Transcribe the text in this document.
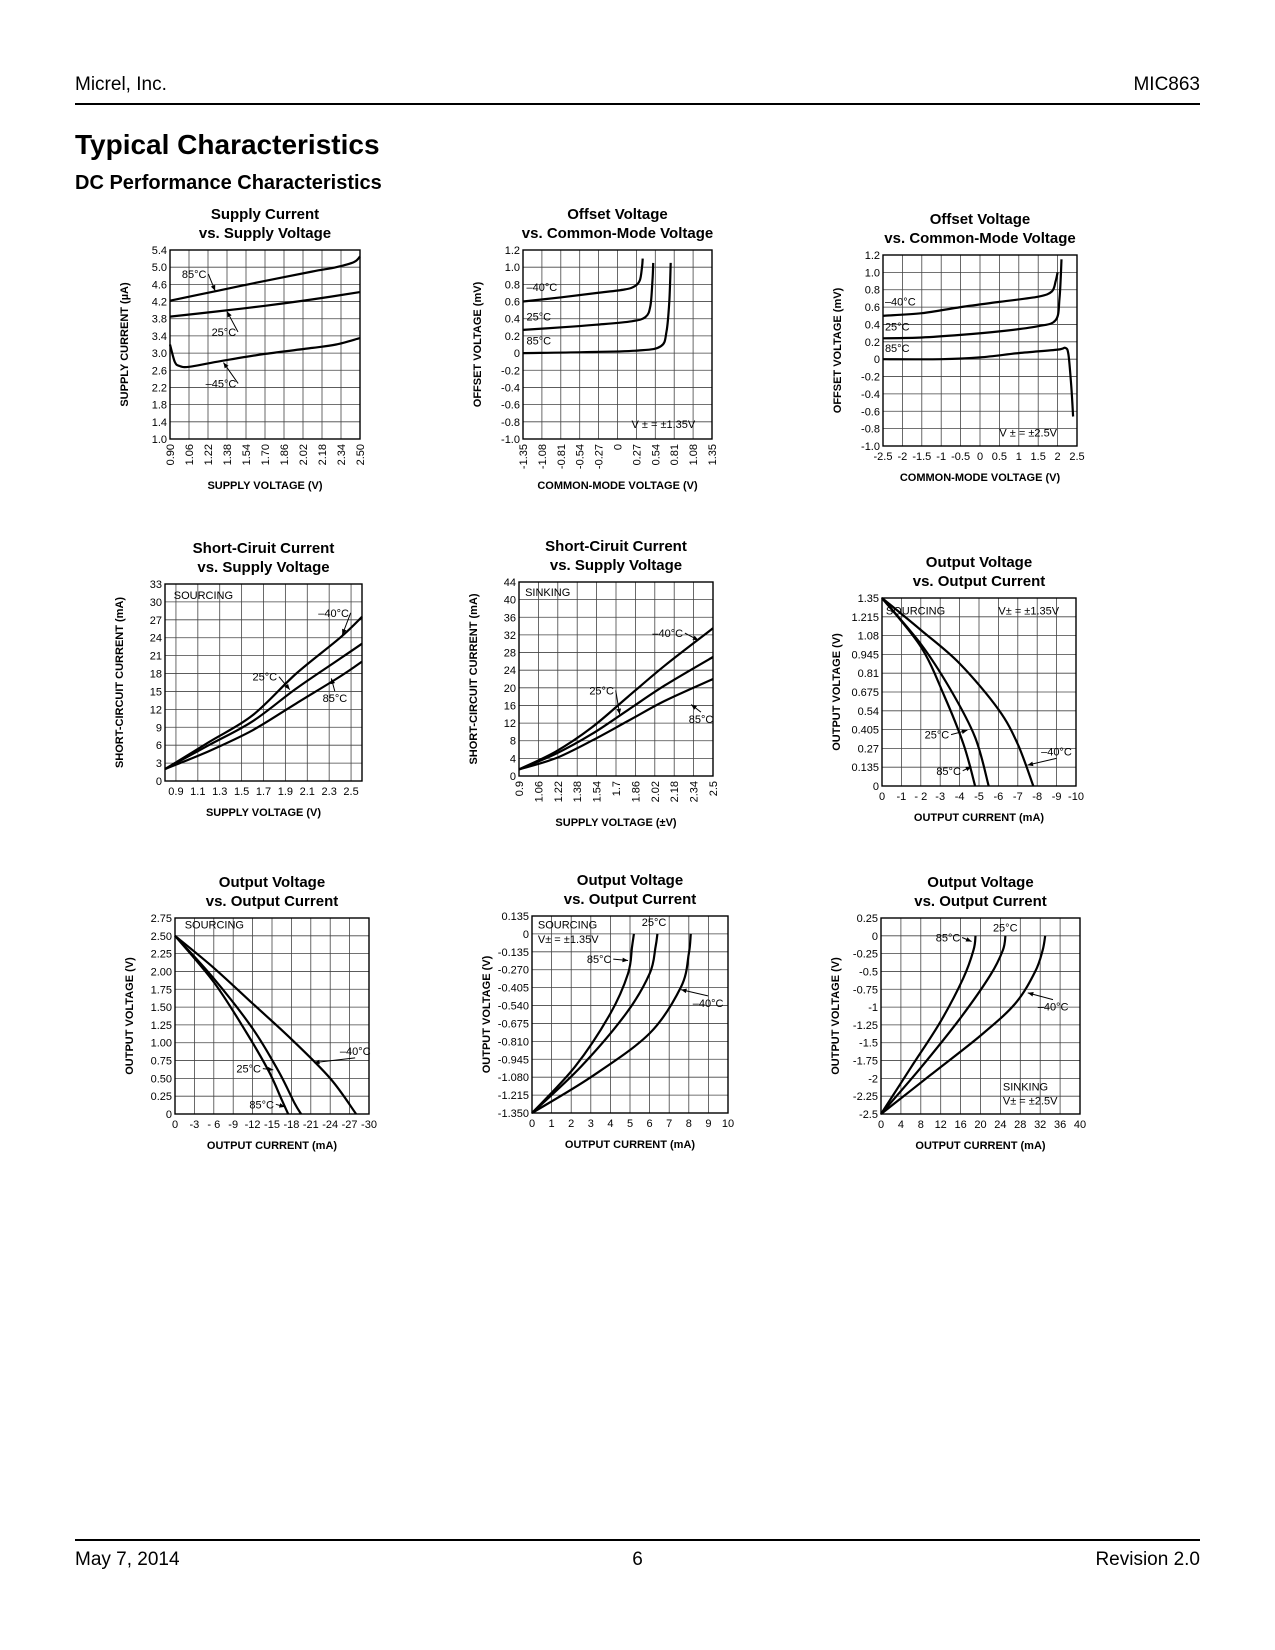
Micrel, Inc.	MIC863
Typical Characteristics
DC Performance Characteristics
Supply Current
vs. Supply Voltage
1.0
1.4
1.8
2.2
2.6
3.0
3.4
3.8
4.2
4.6
5.0
5.4
0.90 1.06 1.22 1.38 1.54 1.70 1.86 2.02 2.18 2.34 2.50
SUPPLY VOLTAGE (V)
SUPPLY CURRENT (µA)
85°C
25°C
–45°C
Offset Voltage
vs. Common-Mode Voltage
-1.0
-0.8
-0.6
-0.4
-0.2
0
0.2
0.4
0.6
0.8
1.0
1.2
-1.35 -1.08 -0.81 -0.54 -0.27 0 0.27 0.54 0.81 1.08 1.35
COMMON-MODE VOLTAGE (V)
OFFSET VOLTAGE (mV)	–40°C
25°C
85°C
V ± = ±1.35V
Offset Voltage
vs. Common-Mode Voltage
-1.0
-0.8
-0.6
-0.4
-0.2
0
0.2
0.4
0.6
0.8
1.0
1.2
-2.5 -2 -1.5 -1 -0.5 0 0.5 1 1.5 2 2.5
COMMON-MODE VOLTAGE (V)
OFFSET VOLTAGE (mV)	–40°C
25°C
85°C
V ± = ±2.5V
Short-Ciruit Current
vs. Supply Voltage
0
3
6
9
12
15
18
21
24
27
30
33
0.9 1.1 1.3 1.5 1.7 1.9 2.1 2.3 2.5
SUPPLY VOLTAGE (V)
SHORT-CIRCUIT CURRENT (mA)
SOURCING
–40°C
25°C
85°C
Short-Ciruit Current
vs. Supply Voltage
0
4
8
12
16
20
24
28
32
36
40
44
0.9 1.06 1.22 1.38 1.54 1.7 1.86 2.02 2.18 2.34 2.5
SUPPLY VOLTAGE (±V)
SHORT-CIRCUIT CURRENT (mA)
SINKING
–40°C
25°C
85°C
Output Voltage
vs. Output Current
0
0.135
0.27
0.405
0.54
0.675
0.81
0.945
1.08
1.215
1.35
0 -1 - 2 -3 -4 -5 -6 -7 -8 -9 -10
OUTPUT CURRENT (mA)
OUTPUT VOLTAGE (V)
SOURCING	V± = ±1.35V
25°C
85°C
–40°C
Output Voltage
vs. Output Current
0
0.25
0.50
0.75
1.00
1.25
1.50
1.75
2.00
2.25
2.50
2.75
0 -3 - 6 -9 -12 -15 -18 -21 -24 -27 -30
OUTPUT CURRENT (mA)
OUTPUT VOLTAGE (V)
SOURCING
–40°C
25°C
85°C
Output Voltage
vs. Output Current
-1.350
-1.215
-1.080
-0.945
-0.810
-0.675
-0.540
-0.405
-0.270
-0.135
0
0.135
0 1 2 3 4 5 6 7 8 9 10
OUTPUT CURRENT (mA)
OUTPUT VOLTAGE (V)
SOURCING
V± = ±1.35V
25°C
85°C
–40°C
Output Voltage
vs. Output Current
-2.5
-2.25
-2
-1.75
-1.5
-1.25
-1
-0.75
-0.5
-0.25
0
0.25
0 4 8 12 16 20 24 28 32 36 40
OUTPUT CURRENT (mA)
OUTPUT VOLTAGE (V)
85°C
25°C
–40°C
SINKING
V± = ±2.5V
May 7, 2014	6	Revision 2.0
